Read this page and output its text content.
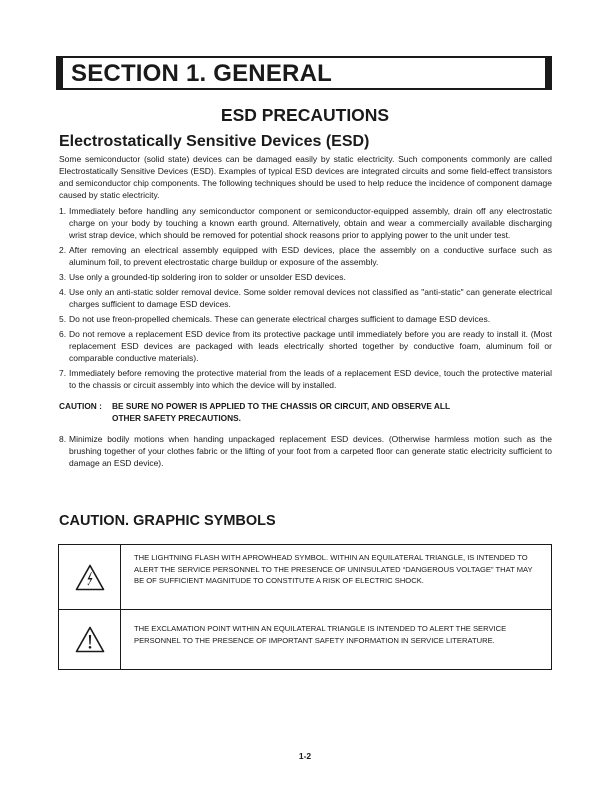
SECTION 1. GENERAL
ESD PRECAUTIONS
Electrostatically Sensitive Devices (ESD)

Some semiconductor (solid state) devices can be damaged easily by static electricity. Such components commonly are called Electrostatically Sensitive Devices (ESD). Examples of typical ESD devices are integrated circuits and some field-effect transistors and semiconductor chip components. The following techniques should be used to help reduce the incidence of component damage caused by static electricity.

1. Immediately before handling any semiconductor component or semiconductor-equipped assembly, drain off any electrostatic charge on your body by touching a known earth ground. Alternatively, obtain and wear a commercially available discharging wrist strap device, which should be removed for potential shock reasons prior to applying power to the unit under test.
2. After removing an electrical assembly equipped with ESD devices, place the assembly on a conductive surface such as aluminum foil, to prevent electrostatic charge buildup or exposure of the assembly.
3. Use only a grounded-tip soldering iron to solder or unsolder ESD devices.
4. Use only an anti-static solder removal device. Some solder removal devices not classified as "anti-static" can generate electrical charges sufficient to damage ESD devices.
5. Do not use freon-propelled chemicals. These can generate electrical charges sufficient to damage ESD devices.
6. Do not remove a replacement ESD device from its protective package until immediately before you are ready to install it. (Most replacement ESD devices are packaged with leads electrically shorted together by conductive foam, aluminum foil or comparable conductive materials).
7. Immediately before removing the protective material from the leads of a replacement ESD device, touch the protective material to the chassis or circuit assembly into which the device will by installed.
CAUTION : BE SURE NO POWER IS APPLIED TO THE CHASSIS OR CIRCUIT, AND OBSERVE ALL
OTHER SAFETY PRECAUTIONS.
8. Minimize bodily motions when handing unpackaged replacement ESD devices. (Otherwise harmless motion such as the brushing together of your clothes fabric or the lifting of your foot from a carpeted floor can generate static electricity sufficient to damage an ESD device).
CAUTION. GRAPHIC SYMBOLS

THE LIGHTNING FLASH WITH APROWHEAD SYMBOL. WITHIN AN EQUILATERAL TRIANGLE, IS INTENDED TO ALERT THE SERVICE PERSONNEL TO THE PRESENCE OF UNINSULATED “DANGEROUS VOLTAGE” THAT MAY BE OF SUFFICIENT MAGNITUDE TO CONSTITUTE A RISK OF ELECTRIC SHOCK.

THE EXCLAMATION POINT WITHIN AN EQUILATERAL TRIANGLE IS INTENDED TO ALERT THE SERVICE PERSONNEL TO THE PRESENCE OF IMPORTANT SAFETY INFORMATION IN SERVICE LITERATURE.

1-2
